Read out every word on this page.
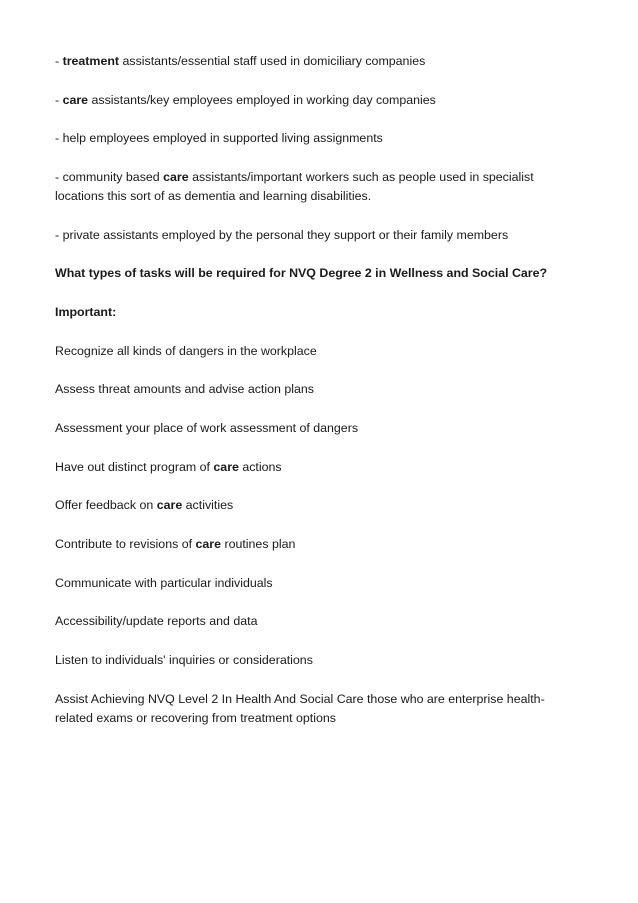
- treatment assistants/essential staff used in domiciliary companies

- care assistants/key employees employed in working day companies

- help employees employed in supported living assignments

- community based care assistants/important workers such as people used in specialist

locations this sort of as dementia and learning disabilities.

- private assistants employed by the personal they support or their family members

What types of tasks will be required for NVQ Degree 2 in Wellness and Social Care?

Important:

Recognize all kinds of dangers in the workplace

Assess threat amounts and advise action plans

Assessment your place of work assessment of dangers

Have out distinct program of care actions

Offer feedback on care activities

Contribute to revisions of care routines plan

Communicate with particular individuals

Accessibility/update reports and data

Listen to individuals' inquiries or considerations

Assist Achieving NVQ Level 2 In Health And Social Care those who are enterprise health-

related exams or recovering from treatment options
